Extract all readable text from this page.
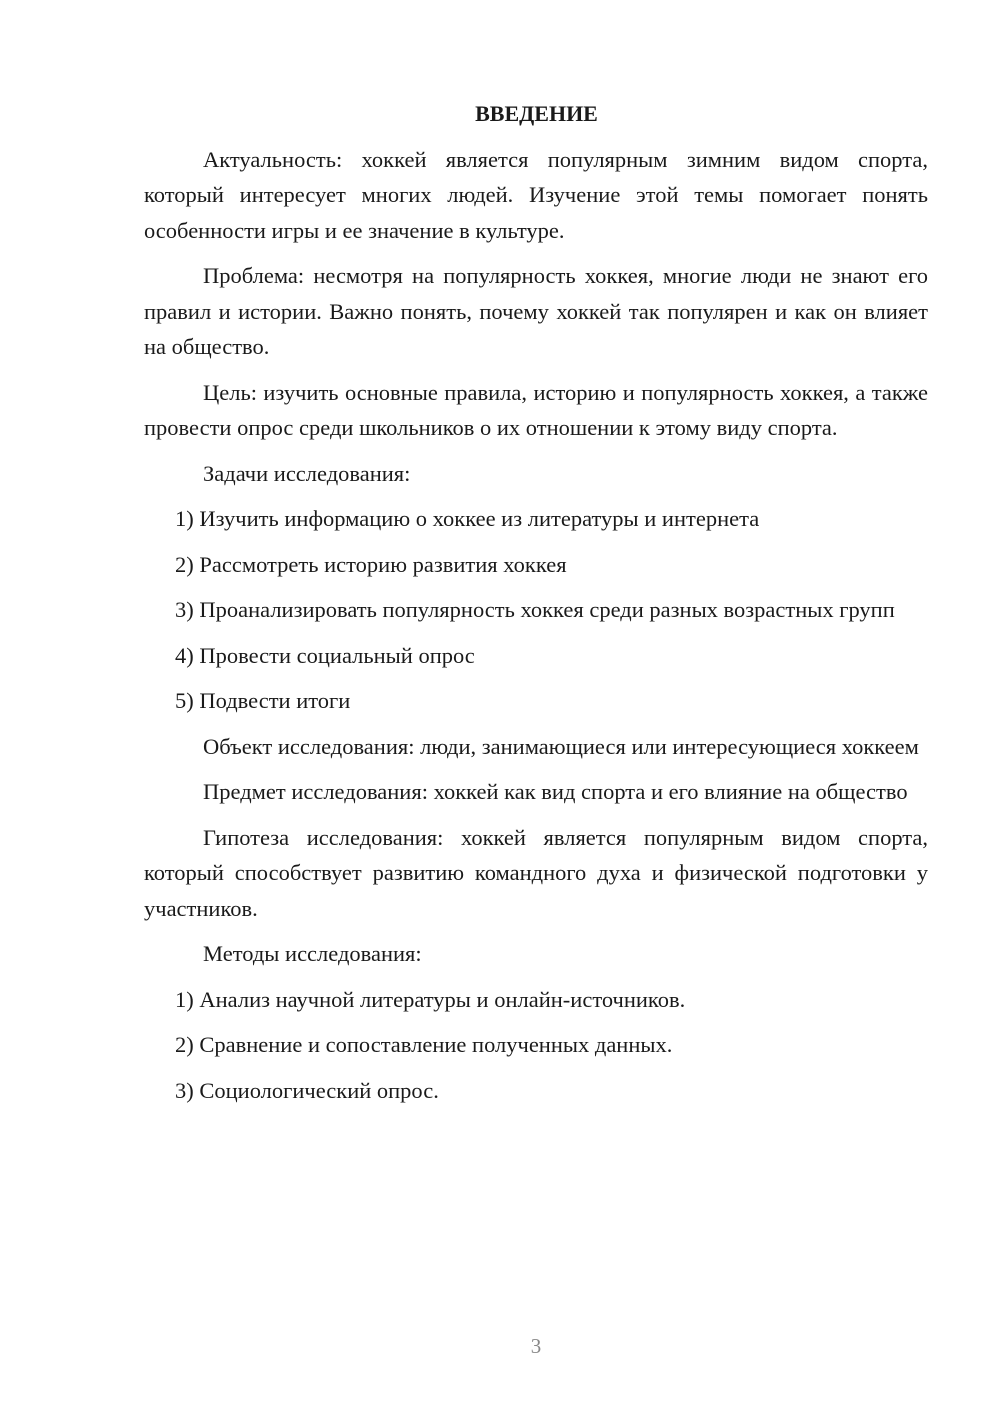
ВВЕДЕНИЕ

Актуальность: хоккей является популярным зимним видом спорта, который интересует многих людей. Изучение этой темы помогает понять особенности игры и ее значение в культуре.

Проблема: несмотря на популярность хоккея, многие люди не знают его правил и истории. Важно понять, почему хоккей так популярен и как он влияет на общество.

Цель: изучить основные правила, историю и популярность хоккея, а также провести опрос среди школьников о их отношении к этому виду спорта.

Задачи исследования:

1) Изучить информацию о хоккее из литературы и интернета

2) Рассмотреть историю развития хоккея

3) Проанализировать популярность хоккея среди разных возрастных групп

4) Провести социальный опрос

5) Подвести итоги

Объект исследования: люди, занимающиеся или интересующиеся хоккеем

Предмет исследования: хоккей как вид спорта и его влияние на общество

Гипотеза исследования: хоккей является популярным видом спорта, который способствует развитию командного духа и физической подготовки у участников.

Методы исследования:

1) Анализ научной литературы и онлайн-источников.

2) Сравнение и сопоставление полученных данных.

3) Социологический опрос.

3
